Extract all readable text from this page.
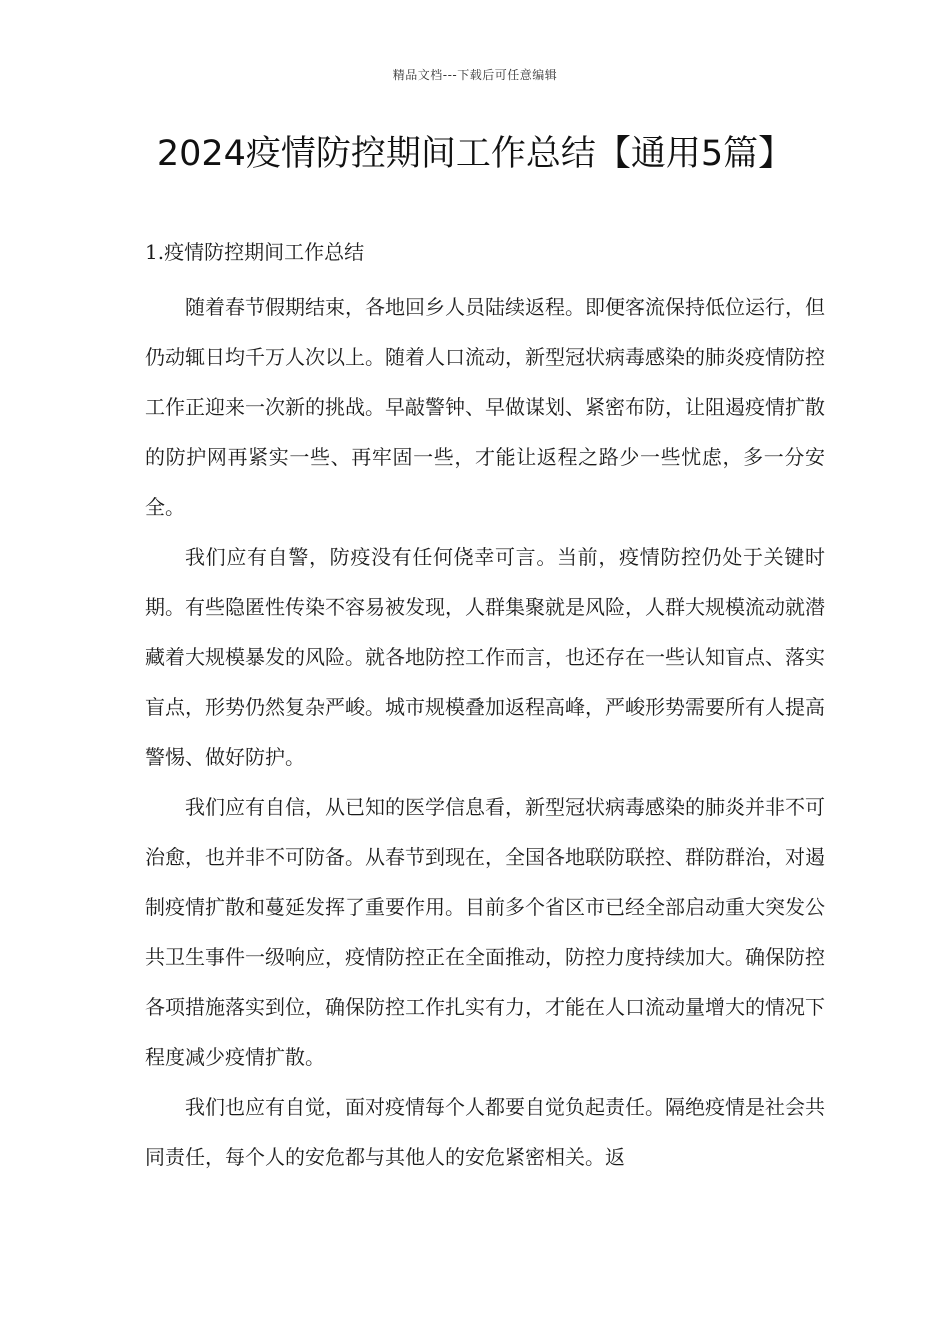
精品文档---下载后可任意编辑
2024疫情防控期间工作总结【通用5篇】

1.疫情防控期间工作总结

随着春节假期结束，各地回乡人员陆续返程。即便客流保持低位运行，但仍动辄日均千万人次以上。随着人口流动，新型冠状病毒感染的肺炎疫情防控工作正迎来一次新的挑战。早敲警钟、早做谋划、紧密布防，让阻遏疫情扩散的防护网再紧实一些、再牢固一些，才能让返程之路少一些忧虑，多一分安全。

我们应有自警，防疫没有任何侥幸可言。当前，疫情防控仍处于关键时期。有些隐匿性传染不容易被发现，人群集聚就是风险，人群大规模流动就潜藏着大规模暴发的风险。就各地防控工作而言，也还存在一些认知盲点、落实盲点，形势仍然复杂严峻。城市规模叠加返程高峰，严峻形势需要所有人提高警惕、做好防护。

我们应有自信，从已知的医学信息看，新型冠状病毒感染的肺炎并非不可治愈，也并非不可防备。从春节到现在，全国各地联防联控、群防群治，对遏制疫情扩散和蔓延发挥了重要作用。目前多个省区市已经全部启动重大突发公共卫生事件一级响应，疫情防控正在全面推动，防控力度持续加大。确保防控各项措施落实到位，确保防控工作扎实有力，才能在人口流动量增大的情况下程度减少疫情扩散。

我们也应有自觉，面对疫情每个人都要自觉负起责任。隔绝疫情是社会共同责任，每个人的安危都与其他人的安危紧密相关。返
